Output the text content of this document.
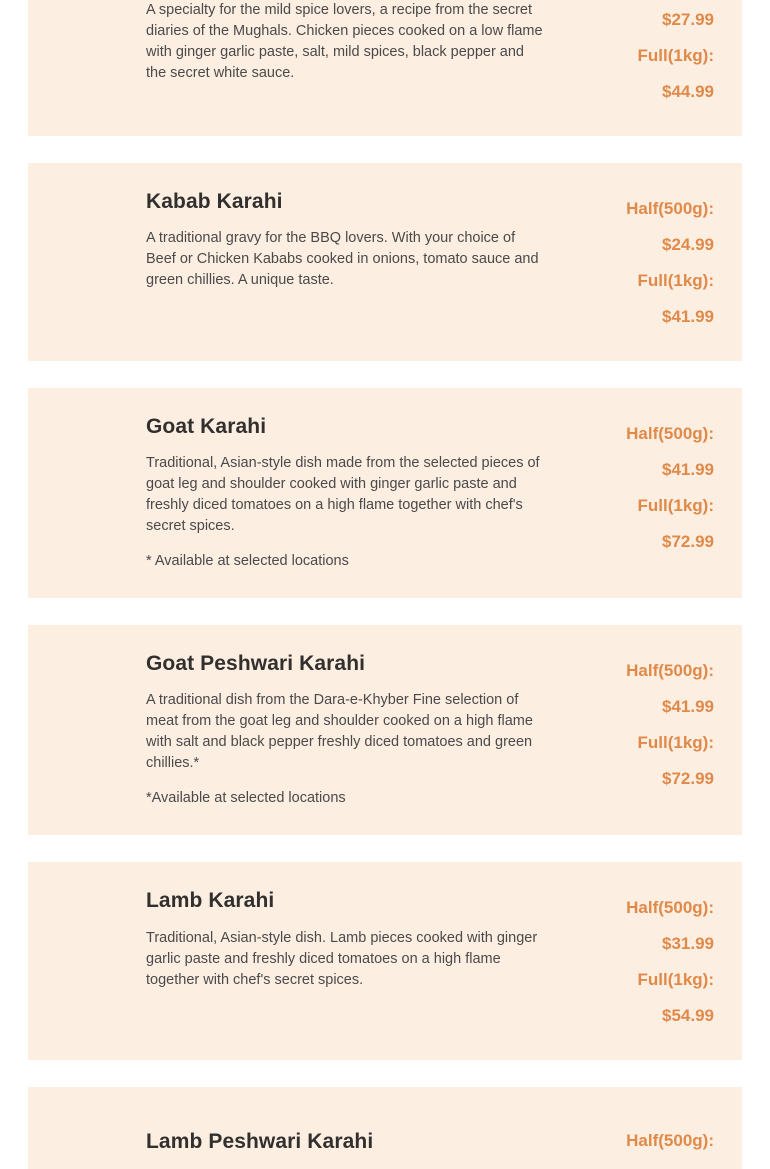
A specialty for the mild spice lovers, a recipe from the secret diaries of the Mughals. Chicken pieces cooked on a low flame with ginger garlic paste, salt, mild spices, black pepper and the secret white sauce.

$27.99
Full(1kg):
$44.99
Kabab Karahi

A traditional gravy for the BBQ lovers. With your choice of Beef or Chicken Kababs cooked in onions, tomato sauce and green chillies. A unique taste.

Half(500g):
$24.99
Full(1kg):
$41.99
Goat Karahi

Traditional, Asian-style dish made from the selected pieces of goat leg and shoulder cooked with ginger garlic paste and freshly diced tomatoes on a high flame together with chef's secret spices.

* Available at selected locations

Half(500g):
$41.99
Full(1kg):
$72.99
Goat Peshwari Karahi

A traditional dish from the Dara-e-Khyber Fine selection of meat from the goat leg and shoulder cooked on a high flame with salt and black pepper freshly diced tomatoes and green chillies.*

*Available at selected locations

Half(500g):
$41.99
Full(1kg):
$72.99
Lamb Karahi

Traditional, Asian-style dish. Lamb pieces cooked with ginger garlic paste and freshly diced tomatoes on a high flame together with chef's secret spices.

Half(500g):
$31.99
Full(1kg):
$54.99
Lamb Peshwari Karahi	Half(500g):
